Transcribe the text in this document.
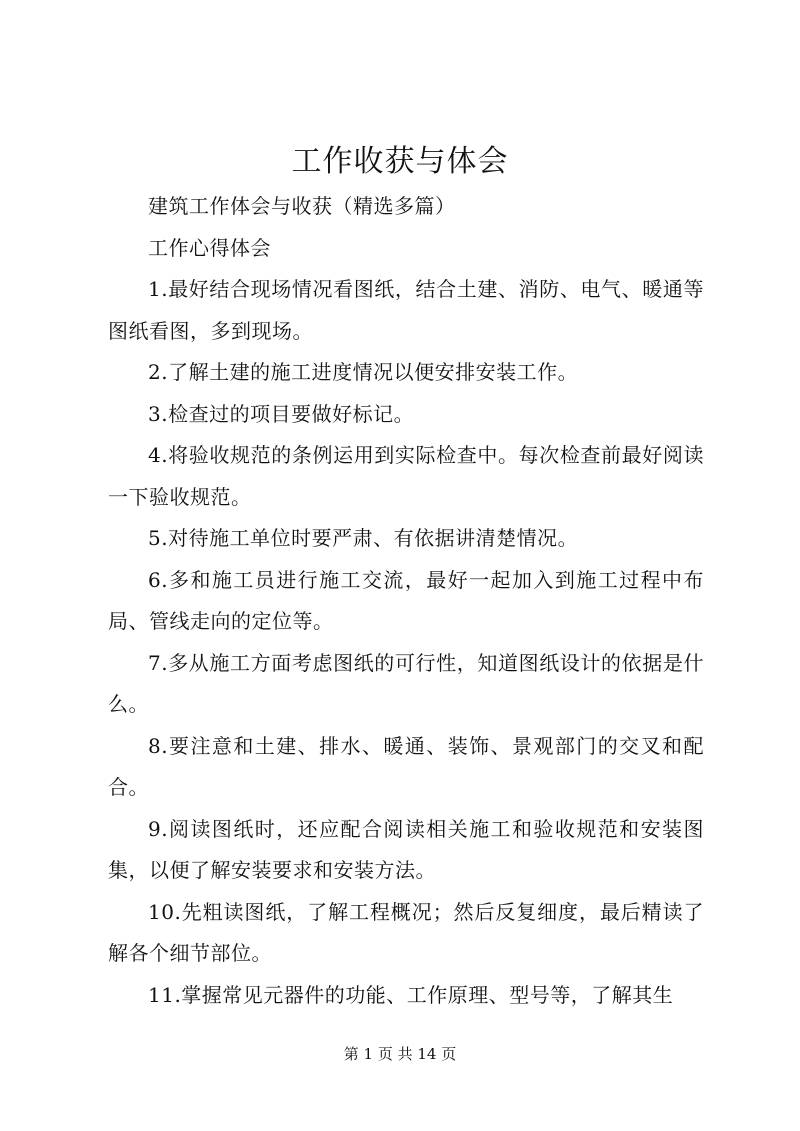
工作收获与体会

建筑工作体会与收获（精选多篇）

工作心得体会

1.最好结合现场情况看图纸，结合土建、消防、电气、暖通等图纸看图，多到现场。

2.了解土建的施工进度情况以便安排安装工作。

3.检查过的项目要做好标记。

4.将验收规范的条例运用到实际检查中。每次检查前最好阅读一下验收规范。

5.对待施工单位时要严肃、有依据讲清楚情况。

6.多和施工员进行施工交流，最好一起加入到施工过程中布局、管线走向的定位等。

7.多从施工方面考虑图纸的可行性，知道图纸设计的依据是什么。

8.要注意和土建、排水、暖通、装饰、景观部门的交叉和配合。

9.阅读图纸时，还应配合阅读相关施工和验收规范和安装图集，以便了解安装要求和安装方法。

10.先粗读图纸，了解工程概况；然后反复细度，最后精读了解各个细节部位。

11.掌握常见元器件的功能、工作原理、型号等，了解其生

第 1 页 共 14 页
